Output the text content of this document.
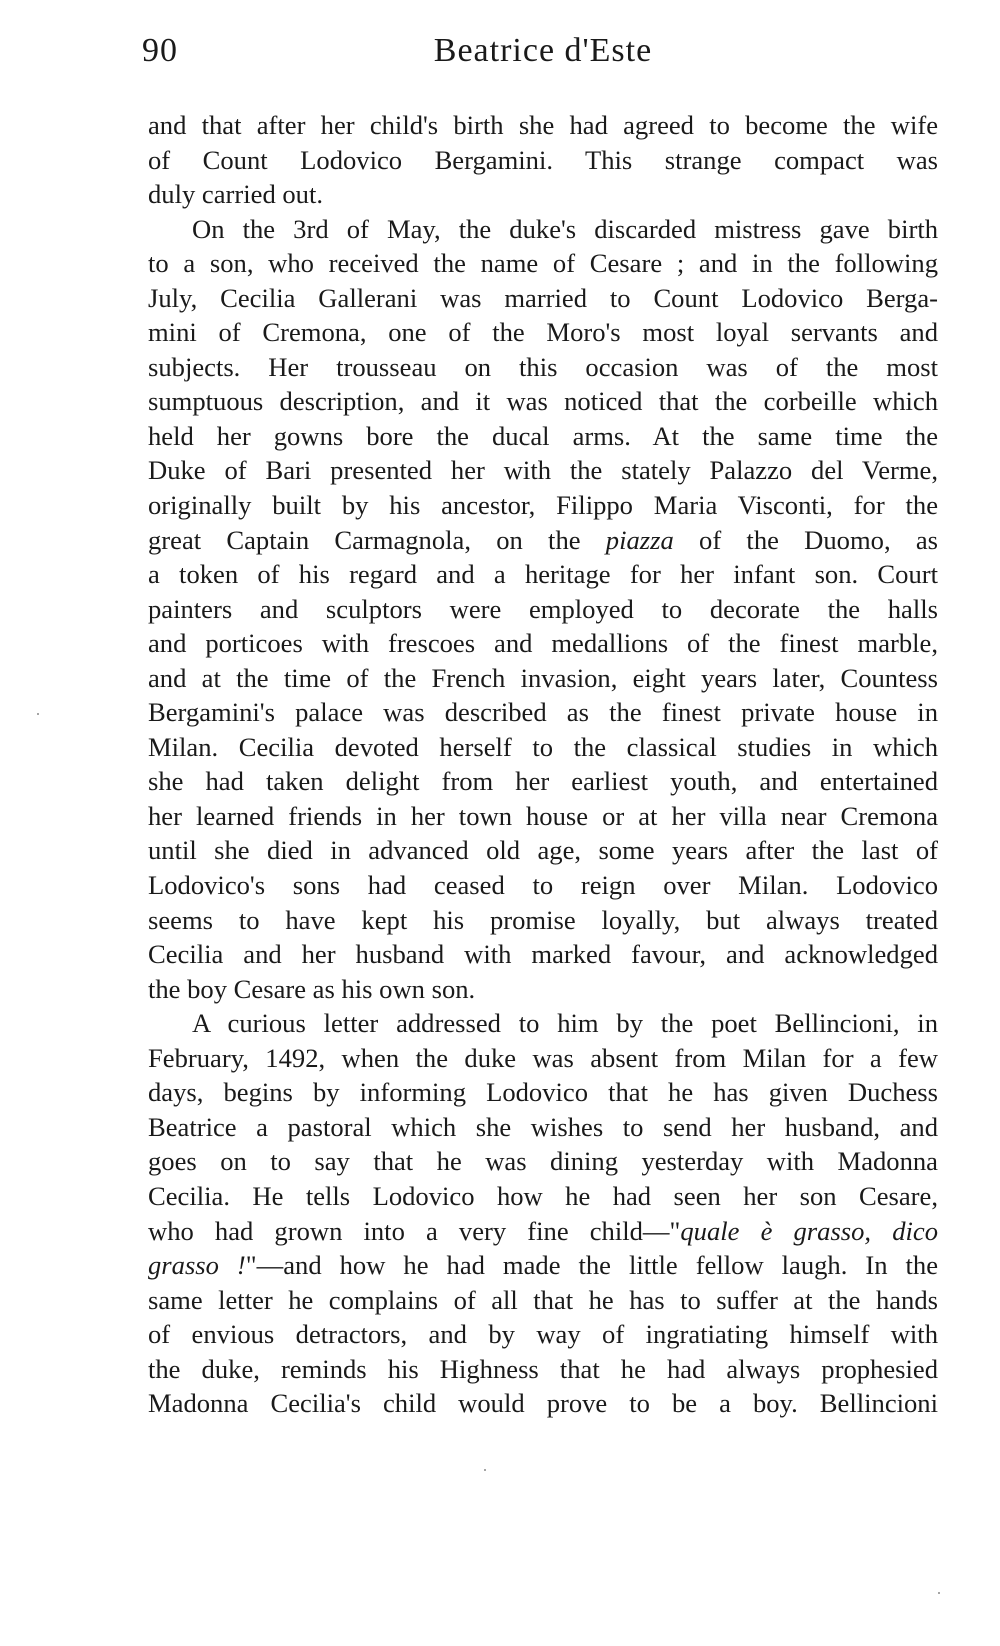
90	Beatrice d'Este
and that after her child's birth she had agreed to become the wife
of Count Lodovico Bergamini. This strange compact was
duly carried out.
On the 3rd of May, the duke's discarded mistress gave birth
to a son, who received the name of Cesare ; and in the following
July, Cecilia Gallerani was married to Count Lodovico Berga-
mini of Cremona, one of the Moro's most loyal servants and
subjects. Her trousseau on this occasion was of the most
sumptuous description, and it was noticed that the corbeille which
held her gowns bore the ducal arms. At the same time the
Duke of Bari presented her with the stately Palazzo del Verme,
originally built by his ancestor, Filippo Maria Visconti, for the
great Captain Carmagnola, on the piazza of the Duomo, as
a token of his regard and a heritage for her infant son. Court
painters and sculptors were employed to decorate the halls
and porticoes with frescoes and medallions of the finest marble,
and at the time of the French invasion, eight years later, Countess
Bergamini's palace was described as the finest private house in
Milan. Cecilia devoted herself to the classical studies in which
she had taken delight from her earliest youth, and entertained
her learned friends in her town house or at her villa near Cremona
until she died in advanced old age, some years after the last of
Lodovico's sons had ceased to reign over Milan. Lodovico
seems to have kept his promise loyally, but always treated
Cecilia and her husband with marked favour, and acknowledged
the boy Cesare as his own son.
A curious letter addressed to him by the poet Bellincioni, in
February, 1492, when the duke was absent from Milan for a few
days, begins by informing Lodovico that he has given Duchess
Beatrice a pastoral which she wishes to send her husband, and
goes on to say that he was dining yesterday with Madonna
Cecilia. He tells Lodovico how he had seen her son Cesare,
who had grown into a very fine child—"quale è grasso, dico
grasso !"—and how he had made the little fellow laugh. In the
same letter he complains of all that he has to suffer at the hands
of envious detractors, and by way of ingratiating himself with
the duke, reminds his Highness that he had always prophesied
Madonna Cecilia's child would prove to be a boy. Bellincioni
